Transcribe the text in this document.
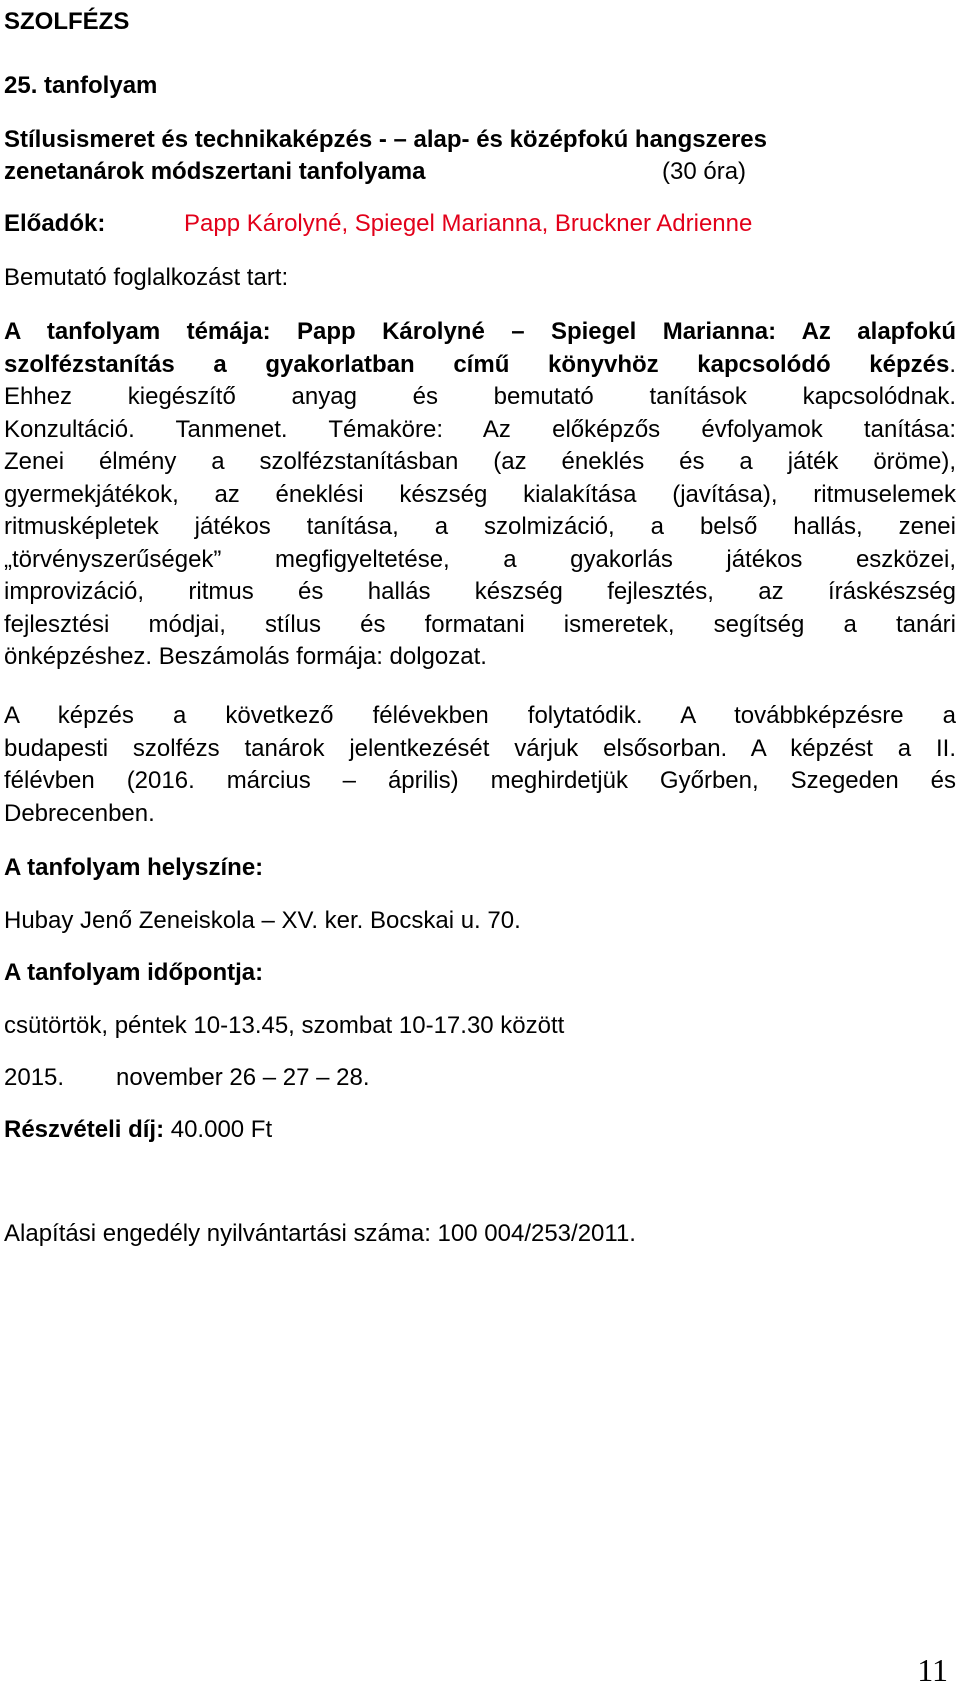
SZOLFÉZS
25. tanfolyam
Stílusismeret és technikaképzés - – alap- és középfokú hangszeres
zenetanárok módszertani tanfolyama	(30 óra)
Előadók:	Papp Károlyné, Spiegel Marianna, Bruckner Adrienne
Bemutató foglalkozást tart:
A tanfolyam témája: Papp Károlyné – Spiegel Marianna: Az alapfokú
szolfézstanítás a gyakorlatban című könyvhöz kapcsolódó képzés.
Ehhez kiegészítő anyag és bemutató tanítások kapcsolódnak.
Konzultáció. Tanmenet. Témaköre: Az előképzős évfolyamok tanítása:
Zenei élmény a szolfézstanításban (az éneklés és a játék öröme),
gyermekjátékok, az éneklési készség kialakítása (javítása), ritmuselemek
ritmusképletek játékos tanítása, a szolmizáció, a belső hallás, zenei
„törvényszerűségek” megfigyeltetése, a gyakorlás játékos eszközei,
improvizáció, ritmus és hallás készség fejlesztés, az íráskészség
fejlesztési módjai, stílus és formatani ismeretek, segítség a tanári
önképzéshez. Beszámolás formája: dolgozat.
A képzés a következő félévekben folytatódik. A továbbképzésre a
budapesti szolfézs tanárok jelentkezését várjuk elsősorban. A képzést a II.
félévben (2016. március – április) meghirdetjük Győrben, Szegeden és
Debrecenben.
A tanfolyam helyszíne:
Hubay Jenő Zeneiskola – XV. ker. Bocskai u. 70.
A tanfolyam időpontja:
csütörtök, péntek 10-13.45, szombat 10-17.30 között
2015. november 26 – 27 – 28.
Részvételi díj: 40.000 Ft
Alapítási engedély nyilvántartási száma: 100 004/253/2011.
11
